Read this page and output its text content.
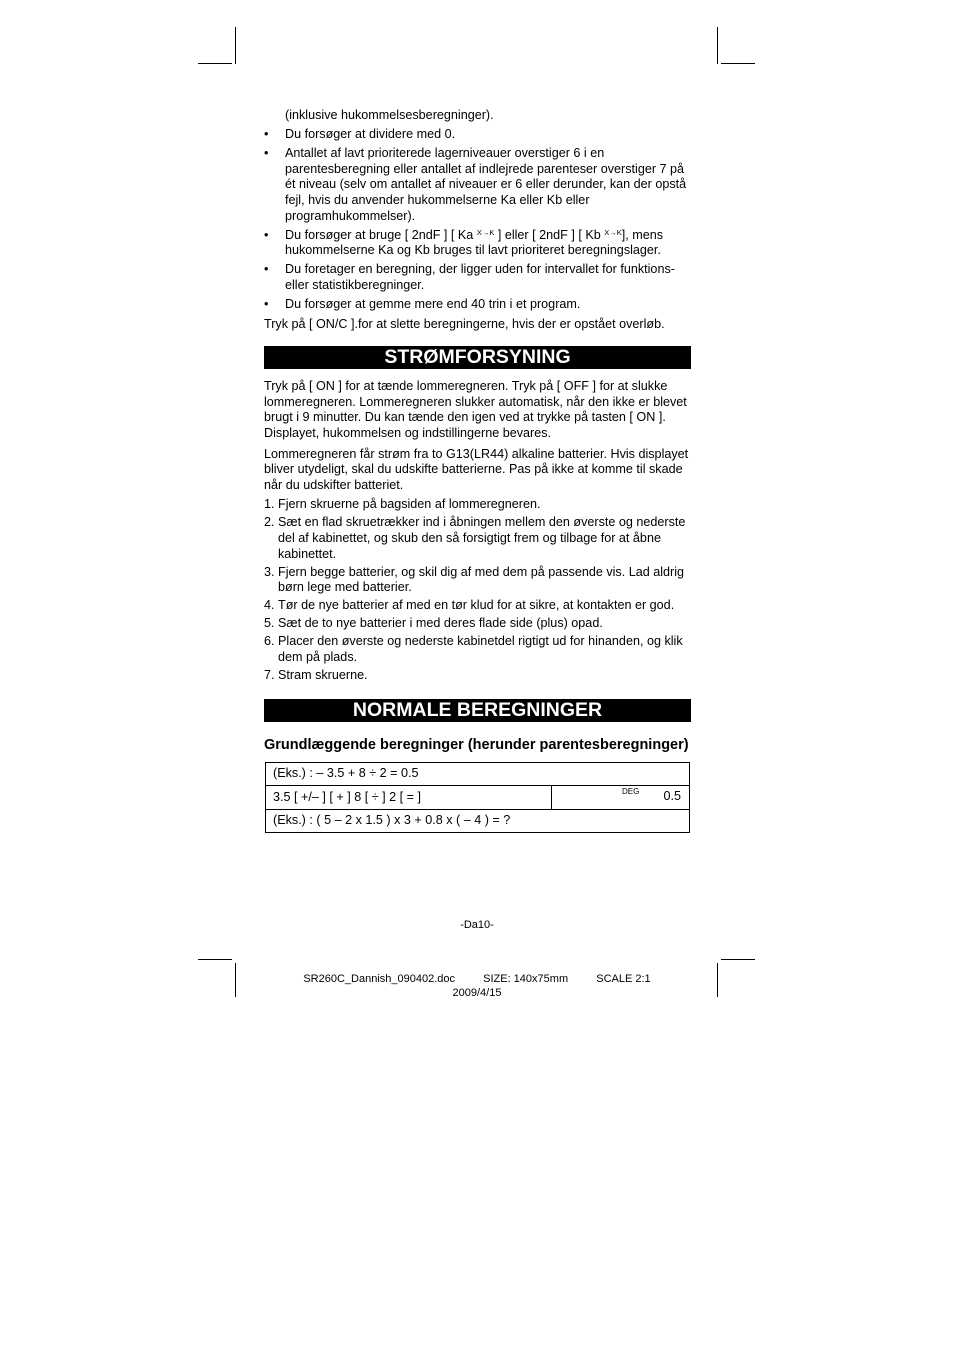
(inklusive hukommelsesberegninger).

• Du forsøger at dividere med 0.
• Antallet af lavt prioriterede lagerniveauer overstiger 6 i en parentesberegning eller antallet af indlejrede parenteser overstiger 7 på ét niveau (selv om antallet af niveauer er 6 eller derunder, kan der opstå fejl, hvis du anvender hukommelserne Ka eller Kb eller programhukommelser).
• Du forsøger at bruge [ 2ndF ] [ Ka $^{X\to K}$ ] eller [ 2ndF ] [ Kb $^{X\to K}$], mens hukommelserne Ka og Kb bruges til lavt prioriteret beregningslager.
• Du foretager en beregning, der ligger uden for intervallet for funktions- eller statistikberegninger.
• Du forsøger at gemme mere end 40 trin i et program.

Tryk på [ ON/C ].for at slette beregningerne, hvis der er opstået overløb.

STRØMFORSYNING

Tryk på [ ON ] for at tænde lommeregneren. Tryk på [ OFF ] for at slukke lommeregneren. Lommeregneren slukker automatisk, når den ikke er blevet brugt i 9 minutter. Du kan tænde den igen ved at trykke på tasten [ ON ]. Displayet, hukommelsen og indstillingerne bevares.

Lommeregneren får strøm fra to G13(LR44) alkaline batterier. Hvis displayet bliver utydeligt, skal du udskifte batterierne. Pas på ikke at komme til skade når du udskifter batteriet.

1. Fjern skruerne på bagsiden af lommeregneren.
2. Sæt en flad skruetrækker ind i åbningen mellem den øverste og nederste del af kabinettet, og skub den så forsigtigt frem og tilbage for at åbne kabinettet.
3. Fjern begge batterier, og skil dig af med dem på passende vis. Lad aldrig børn lege med batterier.
4. Tør de nye batterier af med en tør klud for at sikre, at kontakten er god.
5. Sæt de to nye batterier i med deres flade side (plus) opad.
6. Placer den øverste og nederste kabinetdel rigtigt ud for hinanden, og klik dem på plads.
7. Stram skruerne.
NORMALE BEREGNINGER

Grundlæggende beregninger (herunder parentesberegninger)

(Eks.) : – 3.5 + 8 ÷ 2 = 0.5
3.5 [ +/– ] [ + ] 8 [ ÷ ] 2 [ = ]	DEG 0.5

(Eks.) : ( 5 – 2 x 1.5 ) x 3 + 0.8 x ( – 4 ) = ?
-Da10-
SR260C_Dannish_090402.doc	SIZE: 140x75mm	SCALE 2:1
2009/4/15
